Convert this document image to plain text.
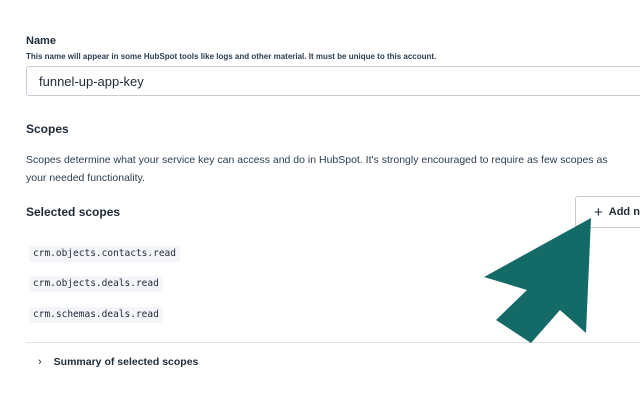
Name
This name will appear in some HubSpot tools like logs and other material. It must be unique to this account.
funnel-up-app-key
Scopes
Scopes determine what your service key can access and do in HubSpot. It's strongly encouraged to require as few scopes as
your needed functionality.
Selected scopes	+ Add n
crm.objects.contacts.read
crm.objects.deals.read
crm.schemas.deals.read
› Summary of selected scopes
